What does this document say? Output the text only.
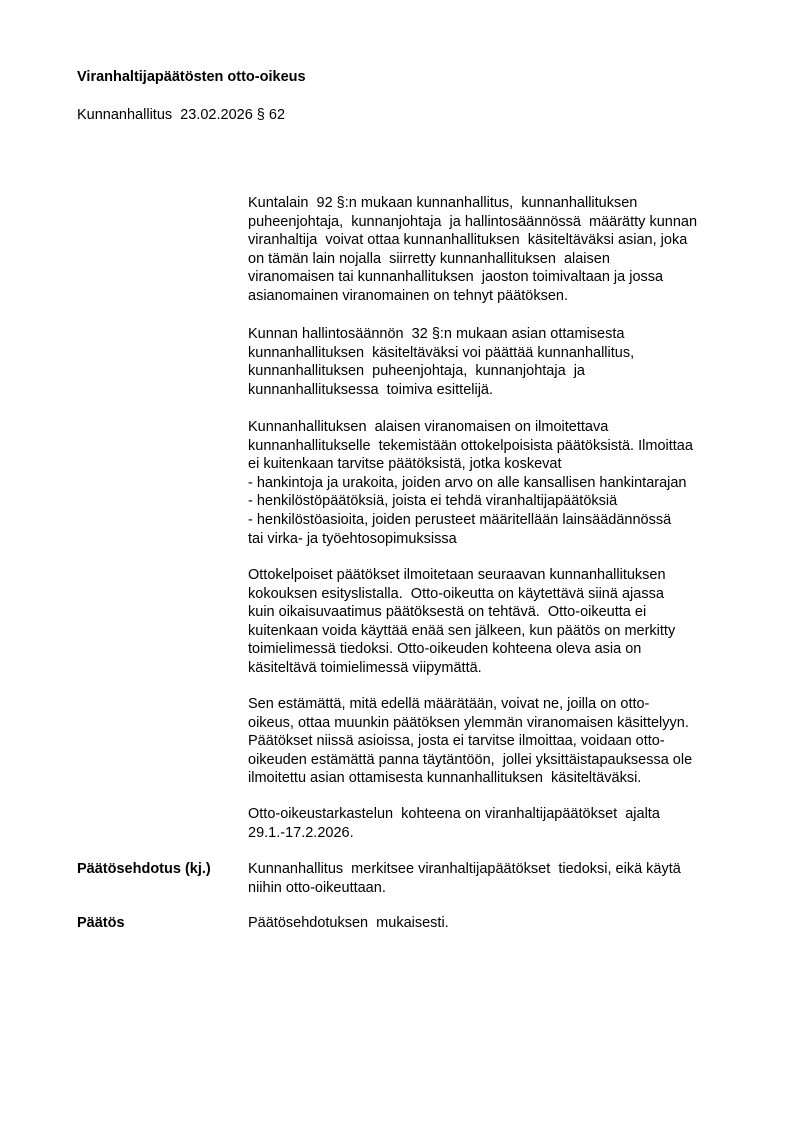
Viranhaltijapäätösten otto-oikeus
Kunnanhallitus  23.02.2026 § 62
Kuntalain  92 §:n mukaan kunnanhallitus,  kunnanhallituksen
puheenjohtaja,  kunnanjohtaja  ja hallintosäännössä  määrätty kunnan
viranhaltija  voivat ottaa kunnanhallituksen  käsiteltäväksi asian, joka
on tämän lain nojalla  siirretty kunnanhallituksen  alaisen
viranomaisen tai kunnanhallituksen  jaoston toimivaltaan ja jossa
asianomainen viranomainen on tehnyt päätöksen.
Kunnan hallintosäännön  32 §:n mukaan asian ottamisesta
kunnanhallituksen  käsiteltäväksi voi päättää kunnanhallitus,
kunnanhallituksen  puheenjohtaja,  kunnanjohtaja  ja
kunnanhallituksessa  toimiva esittelijä.
Kunnanhallituksen  alaisen viranomaisen on ilmoitettava
kunnanhallitukselle  tekemistään ottokelpoisista päätöksistä. Ilmoittaa
ei kuitenkaan tarvitse päätöksistä, jotka koskevat
- hankintoja ja urakoita, joiden arvo on alle kansallisen hankintarajan
- henkilöstöpäätöksiä, joista ei tehdä viranhaltijapäätöksiä
- henkilöstöasioita, joiden perusteet määritellään lainsäädännössä
tai virka- ja työehtosopimuksissa
Ottokelpoiset päätökset ilmoitetaan seuraavan kunnanhallituksen
kokouksen esityslistalla.  Otto-oikeutta on käytettävä siinä ajassa
kuin oikaisuvaatimus päätöksestä on tehtävä.  Otto-oikeutta ei
kuitenkaan voida käyttää enää sen jälkeen, kun päätös on merkitty
toimielimessä tiedoksi. Otto-oikeuden kohteena oleva asia on
käsiteltävä toimielimessä viipymättä.
Sen estämättä, mitä edellä määrätään, voivat ne, joilla on otto-
oikeus, ottaa muunkin päätöksen ylemmän viranomaisen käsittelyyn.
Päätökset niissä asioissa, josta ei tarvitse ilmoittaa, voidaan otto-
oikeuden estämättä panna täytäntöön,  jollei yksittäistapauksessa ole
ilmoitettu asian ottamisesta kunnanhallituksen  käsiteltäväksi.
Otto-oikeustarkastelun  kohteena on viranhaltijapäätökset  ajalta
29.1.-17.2.2026.
Päätösehdotus (kj.)	Kunnanhallitus  merkitsee viranhaltijapäätökset  tiedoksi, eikä käytä
niihin otto-oikeuttaan.
Päätös	Päätösehdotuksen  mukaisesti.
